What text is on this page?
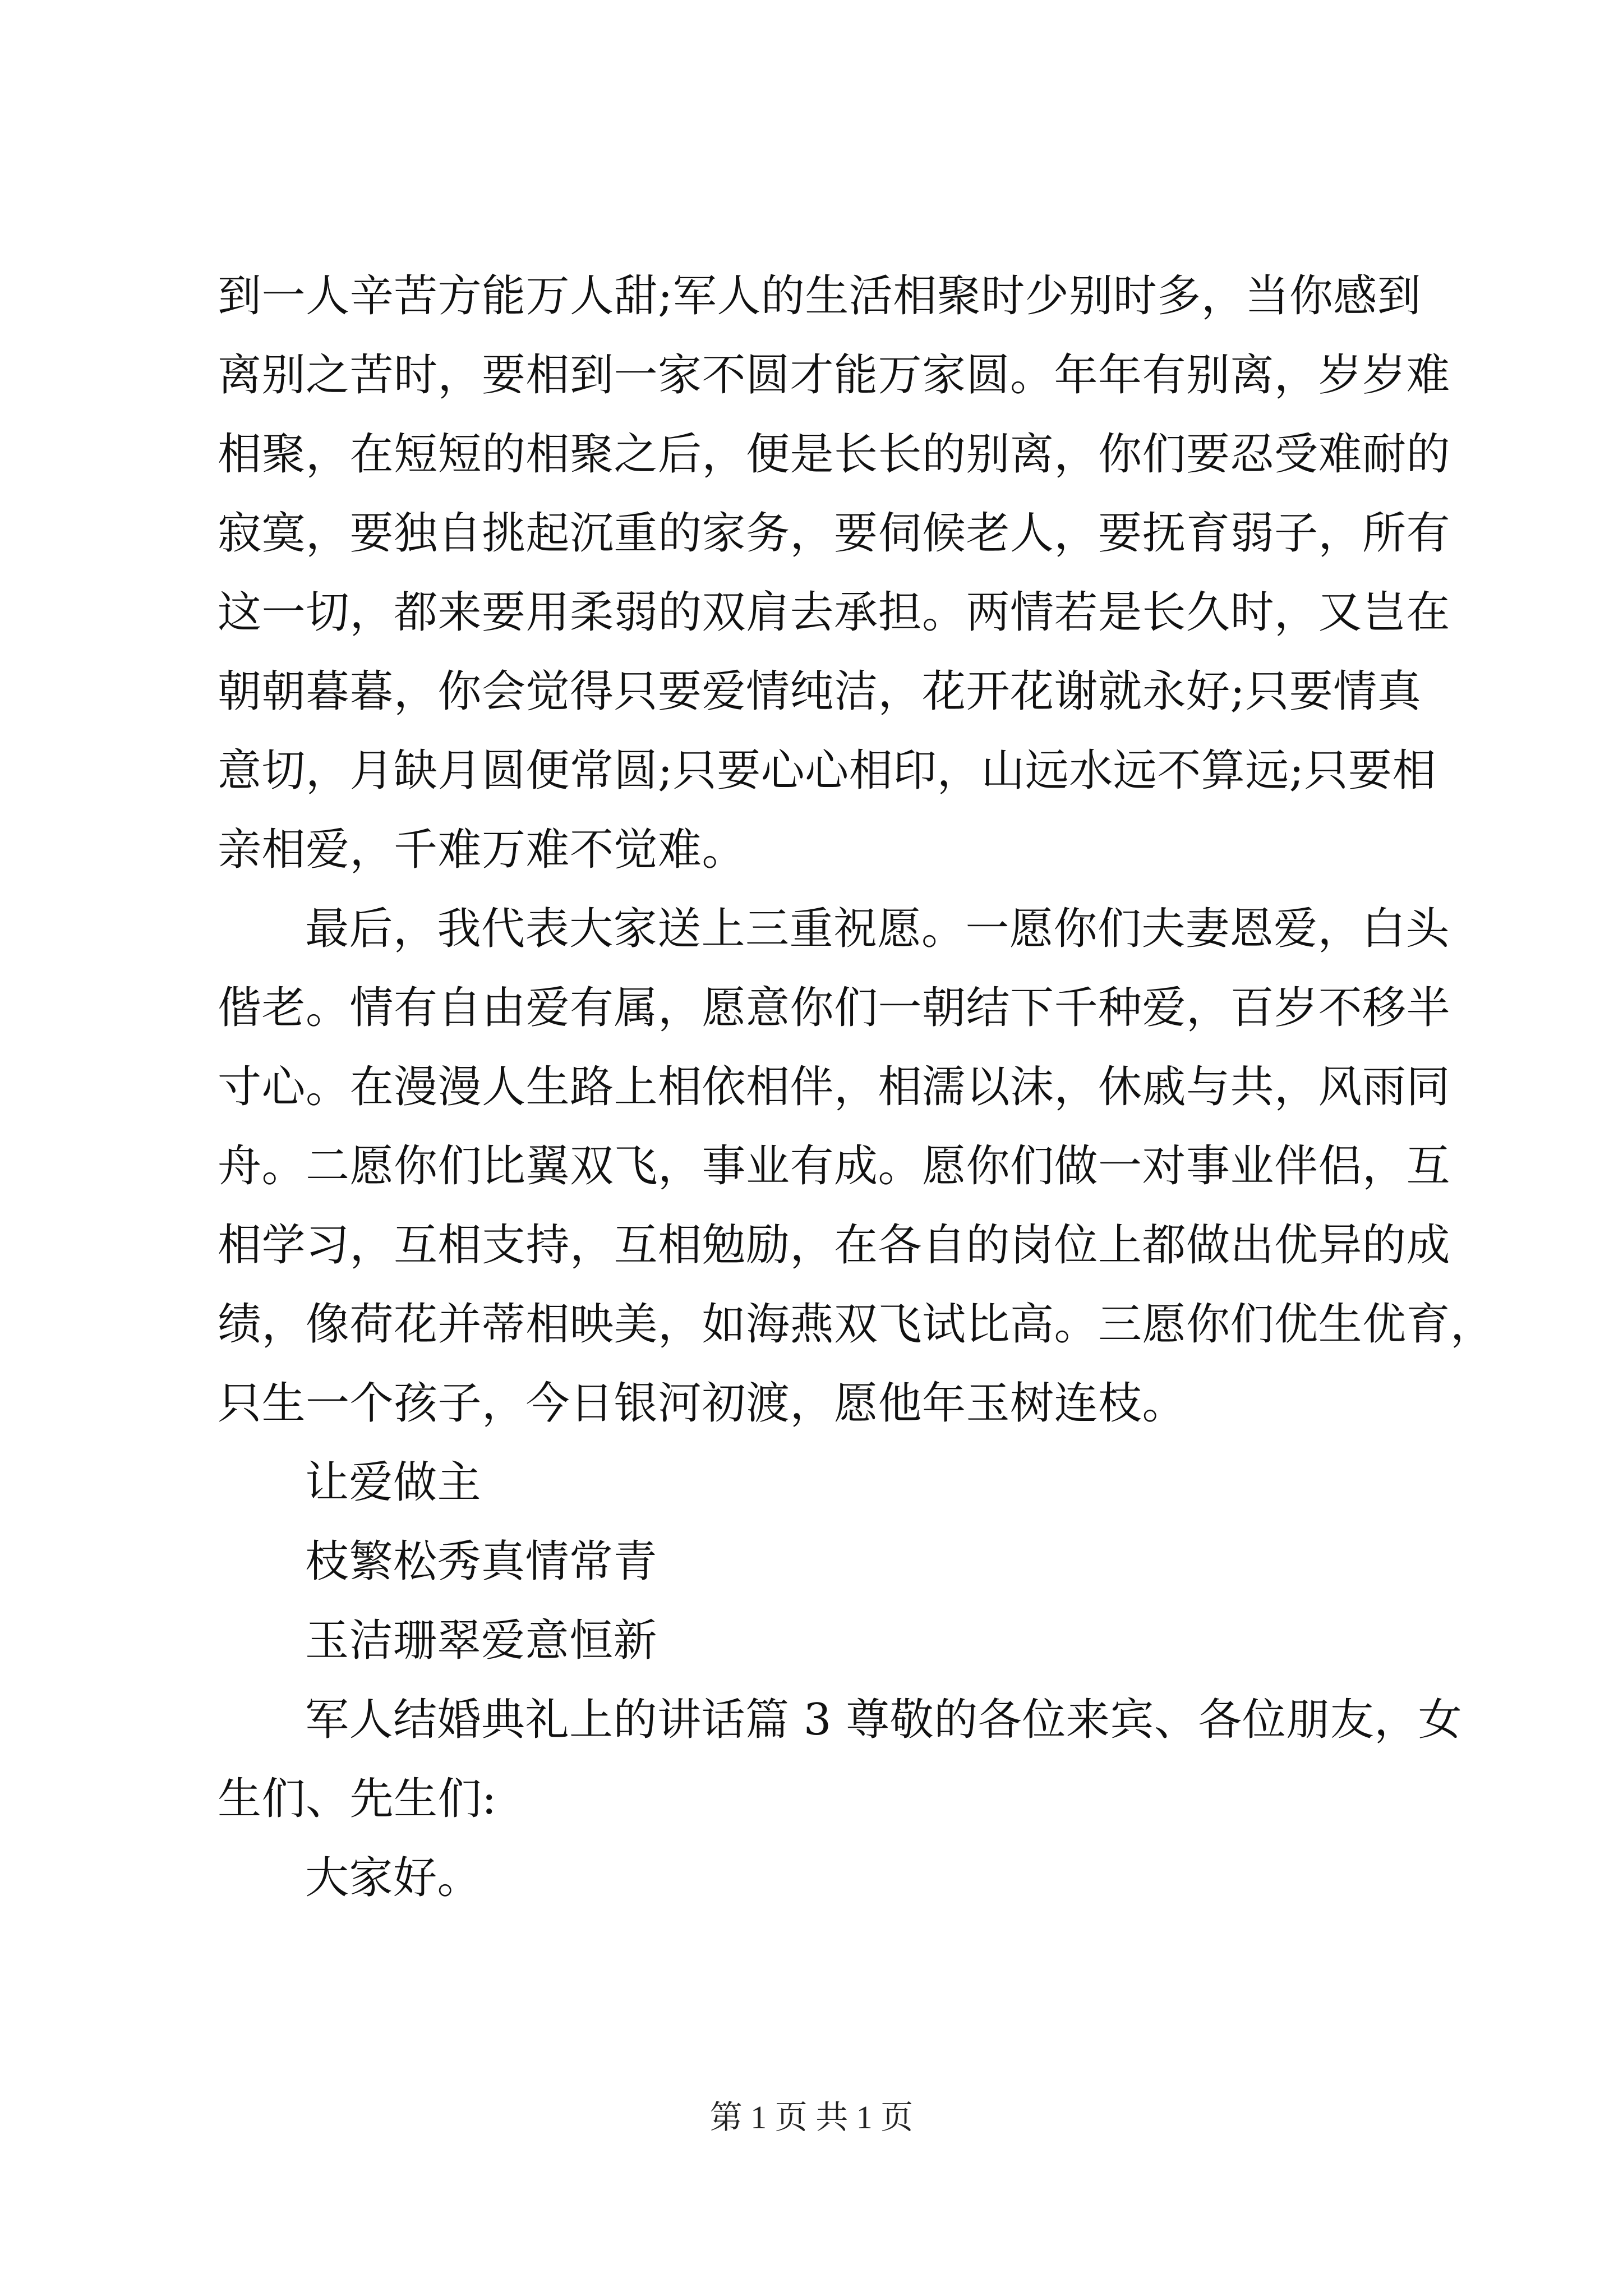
到一人辛苦方能万人甜;军人的生活相聚时少别时多，当你感到
离别之苦时，要相到一家不圆才能万家圆。年年有别离，岁岁难
相聚，在短短的相聚之后，便是长长的别离，你们要忍受难耐的
寂寞，要独自挑起沉重的家务，要伺候老人，要抚育弱子，所有
这一切，都来要用柔弱的双肩去承担。两情若是长久时，又岂在
朝朝暮暮，你会觉得只要爱情纯洁，花开花谢就永好;只要情真
意切，月缺月圆便常圆;只要心心相印，山远水远不算远;只要相
亲相爱，千难万难不觉难。
最后，我代表大家送上三重祝愿。一愿你们夫妻恩爱，白头
偕老。情有自由爱有属，愿意你们一朝结下千种爱，百岁不移半
寸心。在漫漫人生路上相依相伴，相濡以沫，休戚与共，风雨同
舟。二愿你们比翼双飞，事业有成。愿你们做一对事业伴侣，互
相学习，互相支持，互相勉励，在各自的岗位上都做出优异的成
绩，像荷花并蒂相映美，如海燕双飞试比高。三愿你们优生优育，
只生一个孩子，今日银河初渡，愿他年玉树连枝。
让爱做主
枝繁松秀真情常青
玉洁珊翠爱意恒新
军人结婚典礼上的讲话篇 3 尊敬的各位来宾、各位朋友，女
生们、先生们:
大家好。
第 1 页 共 1 页
